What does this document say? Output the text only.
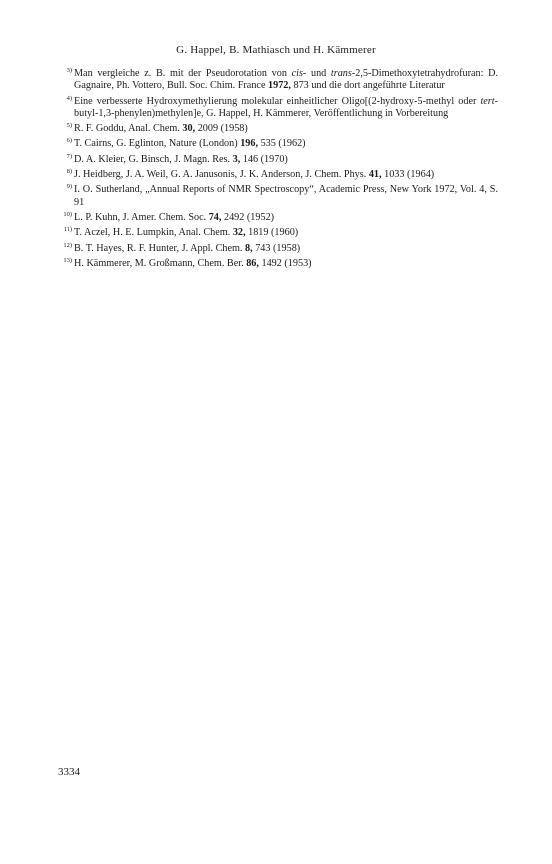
G. Happel, B. Mathiasch und H. Kämmerer
3 ) Man vergleiche z. B. mit der Pseudorotation von cis- und trans-2,5-Dimethoxytetrahydrofuran: D. Gagnaire, Ph. Vottero, Bull. Soc. Chim. France 1972, 873 und die dort angeführte Literatur
4 ) Eine verbesserte Hydroxymethylierung molekular einheitlicher Oligo[(2-hydroxy-5-methyl oder tert-butyl-1,3-phenylen)methylen]e, G. Happel, H. Kämmerer, Veröffentlichung in Vorbereitung
5 ) R. F. Goddu, Anal. Chem. 30, 2009 (1958)
6 ) T. Cairns, G. Eglinton, Nature (London) 196, 535 (1962)
7 ) D. A. Kleier, G. Binsch, J. Magn. Res. 3, 146 (1970)
8 ) J. Heidberg, J. A. Weil, G. A. Janusonis, J. K. Anderson, J. Chem. Phys. 41, 1033 (1964)
9 ) I. O. Sutherland, „Annual Reports of NMR Spectroscopy“, Academic Press, New York 1972, Vol. 4, S. 91
10 ) L. P. Kuhn, J. Amer. Chem. Soc. 74, 2492 (1952)
11 ) T. Aczel, H. E. Lumpkin, Anal. Chem. 32, 1819 (1960)
12 ) B. T. Hayes, R. F. Hunter, J. Appl. Chem. 8, 743 (1958)
13 ) H. Kämmerer, M. Großmann, Chem. Ber. 86, 1492 (1953)
3334
